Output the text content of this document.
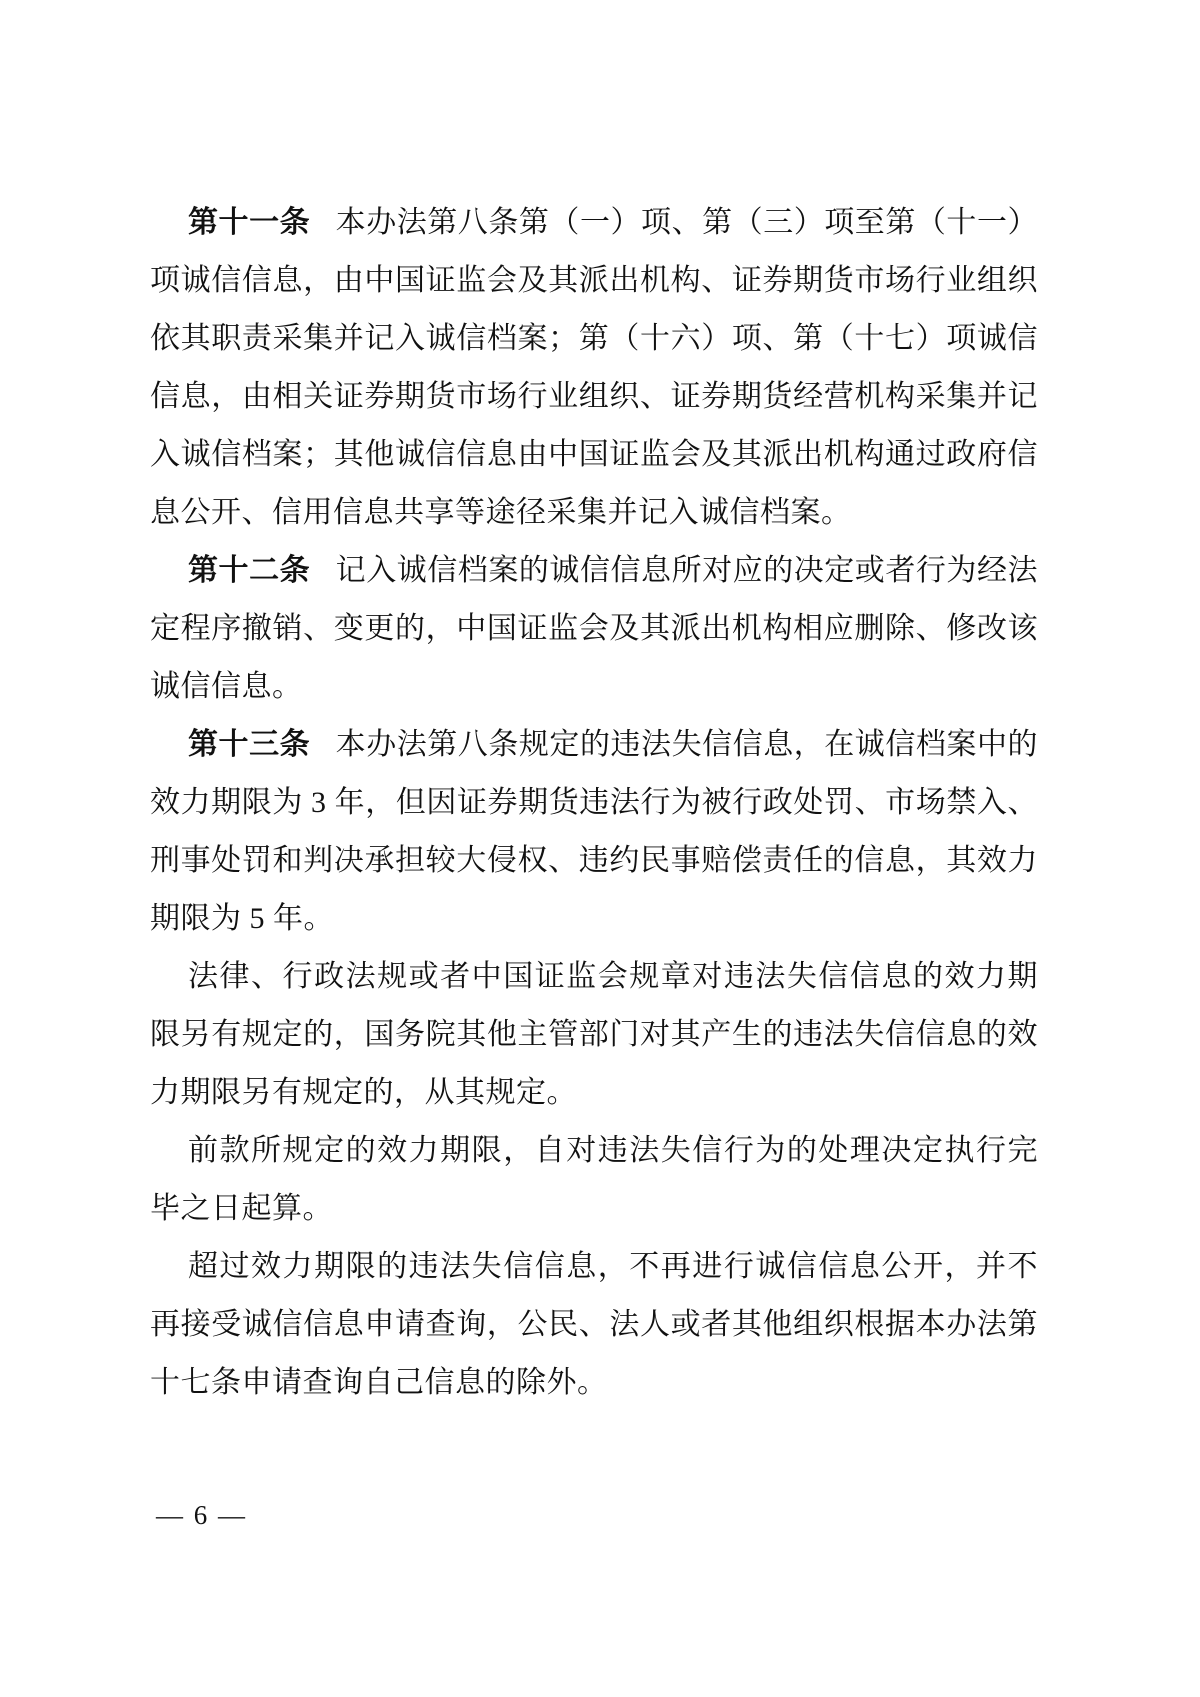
第十一条 本办法第八条第（一）项、第（三）项至第（十一）项诚信信息，由中国证监会及其派出机构、证券期货市场行业组织依其职责采集并记入诚信档案；第（十六）项、第（十七）项诚信信息，由相关证券期货市场行业组织、证券期货经营机构采集并记入诚信档案；其他诚信信息由中国证监会及其派出机构通过政府信息公开、信用信息共享等途径采集并记入诚信档案。

第十二条 记入诚信档案的诚信信息所对应的决定或者行为经法定程序撤销、变更的，中国证监会及其派出机构相应删除、修改该诚信信息。

第十三条 本办法第八条规定的违法失信信息，在诚信档案中的效力期限为 3 年，但因证券期货违法行为被行政处罚、市场禁入、刑事处罚和判决承担较大侵权、违约民事赔偿责任的信息，其效力期限为 5 年。

法律、行政法规或者中国证监会规章对违法失信信息的效力期限另有规定的，国务院其他主管部门对其产生的违法失信信息的效力期限另有规定的，从其规定。

前款所规定的效力期限，自对违法失信行为的处理决定执行完毕之日起算。

超过效力期限的违法失信信息，不再进行诚信信息公开，并不再接受诚信信息申请查询，公民、法人或者其他组织根据本办法第十七条申请查询自己信息的除外。

— 6 —
